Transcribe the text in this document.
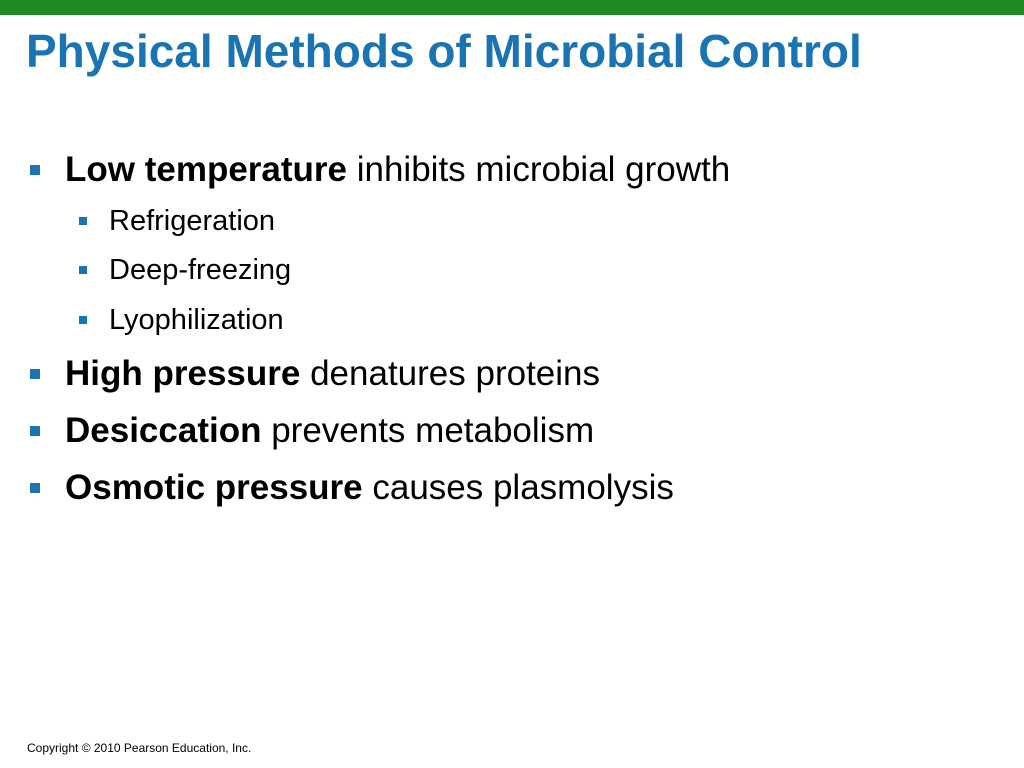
Physical Methods of Microbial Control
Low temperature inhibits microbial growth
Refrigeration
Deep-freezing
Lyophilization
High pressure denatures proteins
Desiccation prevents metabolism
Osmotic pressure causes plasmolysis
Copyright © 2010 Pearson Education, Inc.
